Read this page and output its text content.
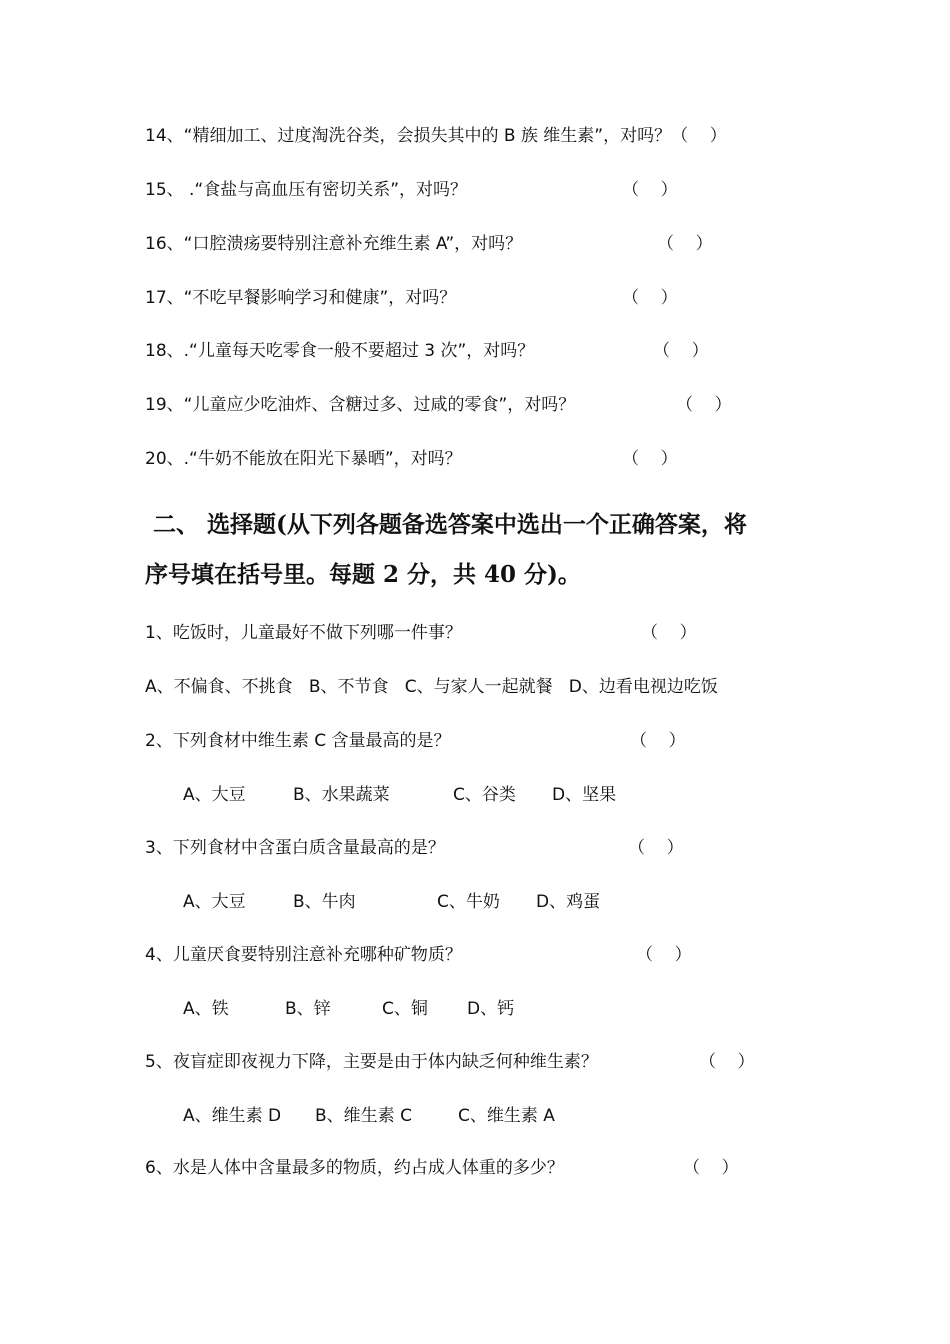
14、“精细加工、过度淘洗谷类，会损失其中的 B 族 维生素”，对吗？（    ）
15、 .“食盐与高血压有密切关系”，对吗？	（    ）
16、“口腔溃疡要特别注意补充维生素 A”，对吗？	（    ）
17、“不吃早餐影响学习和健康”，对吗？	（    ）
18、.“儿童每天吃零食一般不要超过 3 次”，对吗？	（    ）
19、“儿童应少吃油炸、含糖过多、过咸的零食”，对吗？	（    ）
20、.“牛奶不能放在阳光下暴晒”，对吗？	（    ）
二、 选择题(从下列各题备选答案中选出一个正确答案，将
序号填在括号里。每题 2 分，共 40 分)。
1、吃饭时，儿童最好不做下列哪一件事？	（    ）
A、不偏食、不挑食   B、不节食   C、与家人一起就餐   D、边看电视边吃饭
2、下列食材中维生素 C 含量最高的是？	（    ）
A、大豆	B、水果蔬菜	C、谷类 D、坚果
3、下列食材中含蛋白质含量最高的是？	（    ）
A、大豆	B、牛肉	C、牛奶 D、鸡蛋
4、儿童厌食要特别注意补充哪种矿物质？	（    ）
A、铁	B、锌	C、铜 D、钙
5、夜盲症即夜视力下降，主要是由于体内缺乏何种维生素？	（    ）
A、维生素 D B、维生素 C	C、维生素 A
6、水是人体中含量最多的物质，约占成人体重的多少？	（    ）
